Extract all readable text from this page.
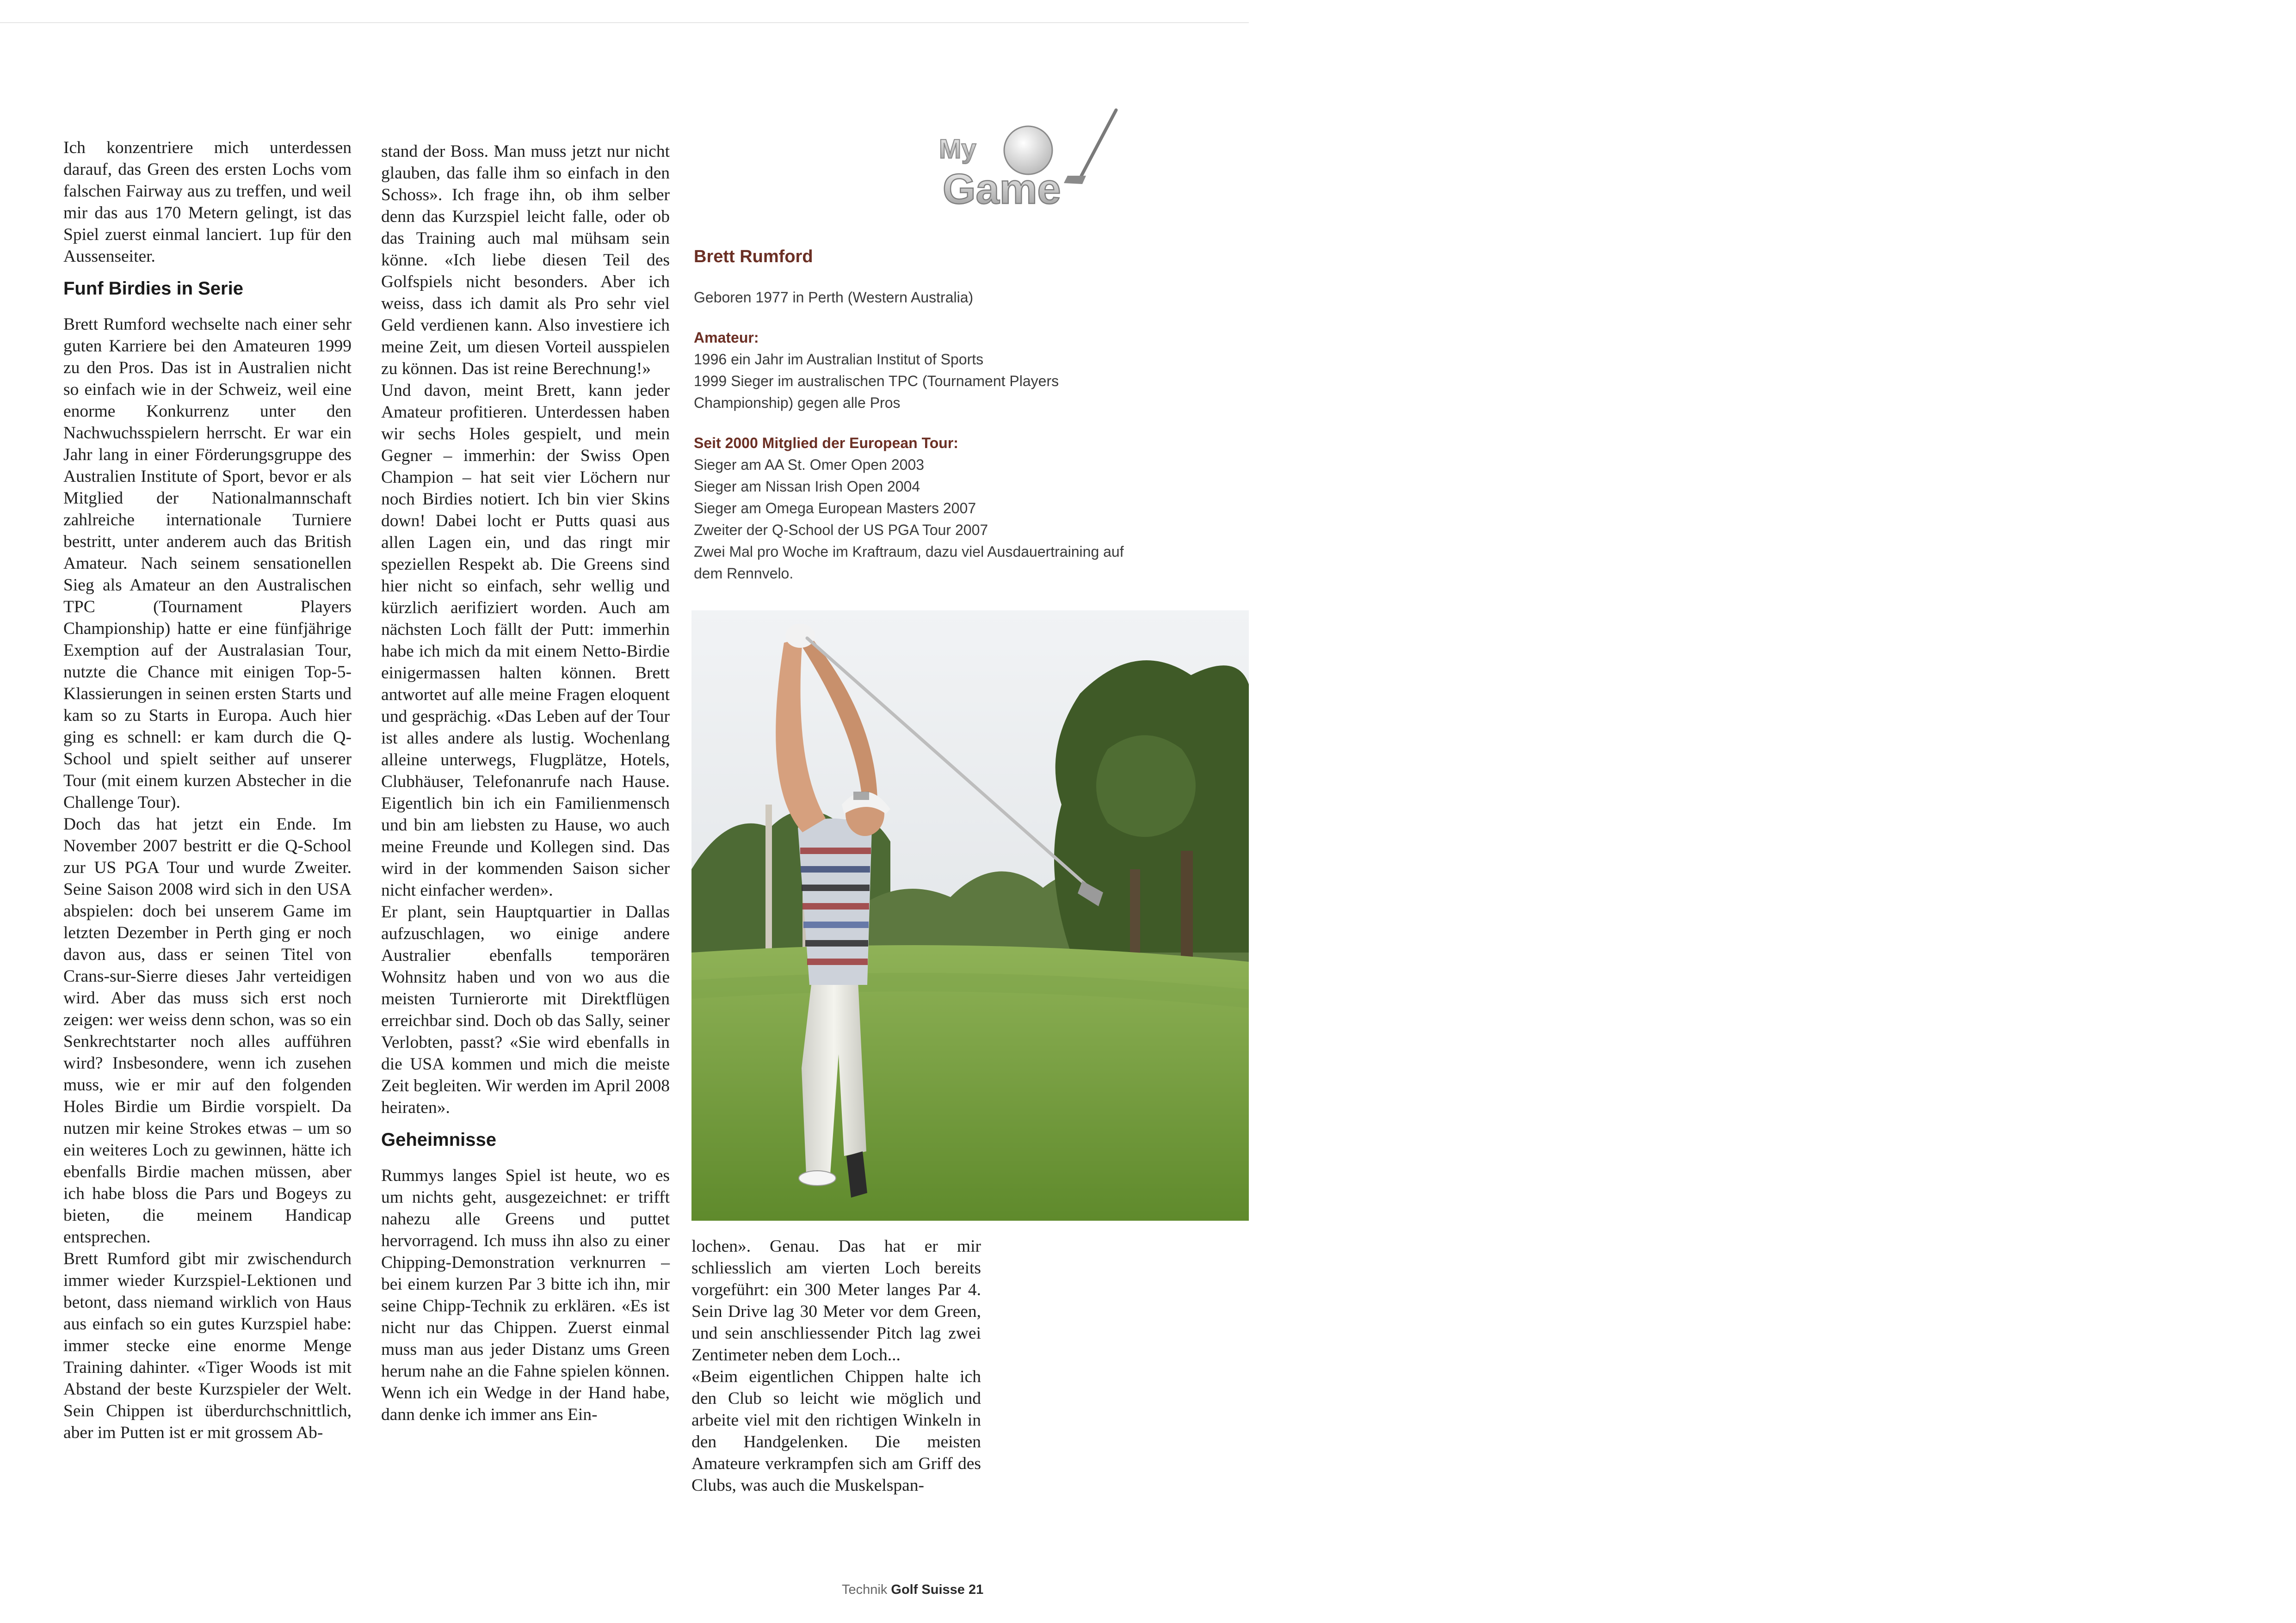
Ich konzentriere mich unterdessen darauf, das Green des ersten Lochs vom falschen Fairway aus zu treffen, und weil mir das aus 170 Metern gelingt, ist das Spiel zuerst einmal lanciert. 1up für den Aussenseiter.

Funf Birdies in Serie

Brett Rumford wechselte nach einer sehr guten Karriere bei den Amateuren 1999 zu den Pros. Das ist in Australien nicht so einfach wie in der Schweiz, weil eine enorme Konkurrenz unter den Nachwuchsspielern herrscht. Er war ein Jahr lang in einer Förderungsgruppe des Australien Institute of Sport, bevor er als Mitglied der Nationalmannschaft zahlreiche internationale Turniere bestritt, unter anderem auch das British Amateur. Nach seinem sensationellen Sieg als Amateur an den Australischen TPC (Tournament Players Championship) hatte er eine fünfjährige Exemption auf der Australasian Tour, nutzte die Chance mit einigen Top-5-Klassierungen in seinen ersten Starts und kam so zu Starts in Europa. Auch hier ging es schnell: er kam durch die Q-School und spielt seither auf unserer Tour (mit einem kurzen Abstecher in die Challenge Tour).

Doch das hat jetzt ein Ende. Im November 2007 bestritt er die Q-School zur US PGA Tour und wurde Zweiter. Seine Saison 2008 wird sich in den USA abspielen: doch bei unserem Game im letzten Dezember in Perth ging er noch davon aus, dass er seinen Titel von Crans-sur-Sierre dieses Jahr verteidigen wird. Aber das muss sich erst noch zeigen: wer weiss denn schon, was so ein Senkrechtstarter noch alles aufführen wird? Insbesondere, wenn ich zusehen muss, wie er mir auf den folgenden Holes Birdie um Birdie vorspielt. Da nutzen mir keine Strokes etwas – um so ein weiteres Loch zu gewinnen, hätte ich ebenfalls Birdie machen müssen, aber ich habe bloss die Pars und Bogeys zu bieten, die meinem Handicap entsprechen.

Brett Rumford gibt mir zwischendurch immer wieder Kurzspiel-Lektionen und betont, dass niemand wirklich von Haus aus einfach so ein gutes Kurzspiel habe: immer stecke eine enorme Menge Training dahinter. «Tiger Woods ist mit Abstand der beste Kurzspieler der Welt. Sein Chippen ist überdurchschnittlich, aber im Putten ist er mit grossem Ab-

stand der Boss. Man muss jetzt nur nicht glauben, das falle ihm so einfach in den Schoss». Ich frage ihn, ob ihm selber denn das Kurzspiel leicht falle, oder ob das Training auch mal mühsam sein könne. «Ich liebe diesen Teil des Golfspiels nicht besonders. Aber ich weiss, dass ich damit als Pro sehr viel Geld verdienen kann. Also investiere ich meine Zeit, um diesen Vorteil ausspielen zu können. Das ist reine Berechnung!»

Und davon, meint Brett, kann jeder Amateur profitieren. Unterdessen haben wir sechs Holes gespielt, und mein Gegner – immerhin: der Swiss Open Champion – hat seit vier Löchern nur noch Birdies notiert. Ich bin vier Skins down! Dabei locht er Putts quasi aus allen Lagen ein, und das ringt mir speziellen Respekt ab. Die Greens sind hier nicht so einfach, sehr wellig und kürzlich aerifiziert worden. Auch am nächsten Loch fällt der Putt: immerhin habe ich mich da mit einem Netto-Birdie einigermassen halten können. Brett antwortet auf alle meine Fragen eloquent und gesprächig. «Das Leben auf der Tour ist alles andere als lustig. Wochenlang alleine unterwegs, Flugplätze, Hotels, Clubhäuser, Telefonanrufe nach Hause. Eigentlich bin ich ein Familienmensch und bin am liebsten zu Hause, wo auch meine Freunde und Kollegen sind. Das wird in der kommenden Saison sicher nicht einfacher werden».

Er plant, sein Hauptquartier in Dallas aufzuschlagen, wo einige andere Australier ebenfalls temporären Wohnsitz haben und von wo aus die meisten Turnierorte mit Direktflügen erreichbar sind. Doch ob das Sally, seiner Verlobten, passt? «Sie wird ebenfalls in die USA kommen und mich die meiste Zeit begleiten. Wir werden im April 2008 heiraten».

Geheimnisse

Rummys langes Spiel ist heute, wo es um nichts geht, ausgezeichnet: er trifft nahezu alle Greens und puttet hervorragend. Ich muss ihn also zu einer Chipping-Demonstration verknurren – bei einem kurzen Par 3 bitte ich ihn, mir seine Chipp-Technik zu erklären. «Es ist nicht nur das Chippen. Zuerst einmal muss man aus jeder Distanz ums Green herum nahe an die Fahne spielen können. Wenn ich ein Wedge in der Hand habe, dann denke ich immer ans Ein-

My
Game

Brett Rumford

Geboren 1977 in Perth (Western Australia)

Amateur:

1996 ein Jahr im Australian Institut of Sports

1999 Sieger im australischen TPC (Tournament Players Championship) gegen alle Pros

Seit 2000 Mitglied der European Tour:

Sieger am AA St. Omer Open 2003

Sieger am Nissan Irish Open 2004

Sieger am Omega European Masters 2007

Zweiter der Q-School der US PGA Tour 2007

Zwei Mal pro Woche im Kraftraum, dazu viel Ausdauertraining auf dem Rennvelo.

lochen». Genau. Das hat er mir schliesslich am vierten Loch bereits vorgeführt: ein 300 Meter langes Par 4. Sein Drive lag 30 Meter vor dem Green, und sein anschliessender Pitch lag zwei Zentimeter neben dem Loch...

«Beim eigentlichen Chippen halte ich den Club so leicht wie möglich und arbeite viel mit den richtigen Winkeln in den Handgelenken. Die meisten Amateure verkrampfen sich am Griff des Clubs, was auch die Muskelspan-

Technik Golf Suisse 21
